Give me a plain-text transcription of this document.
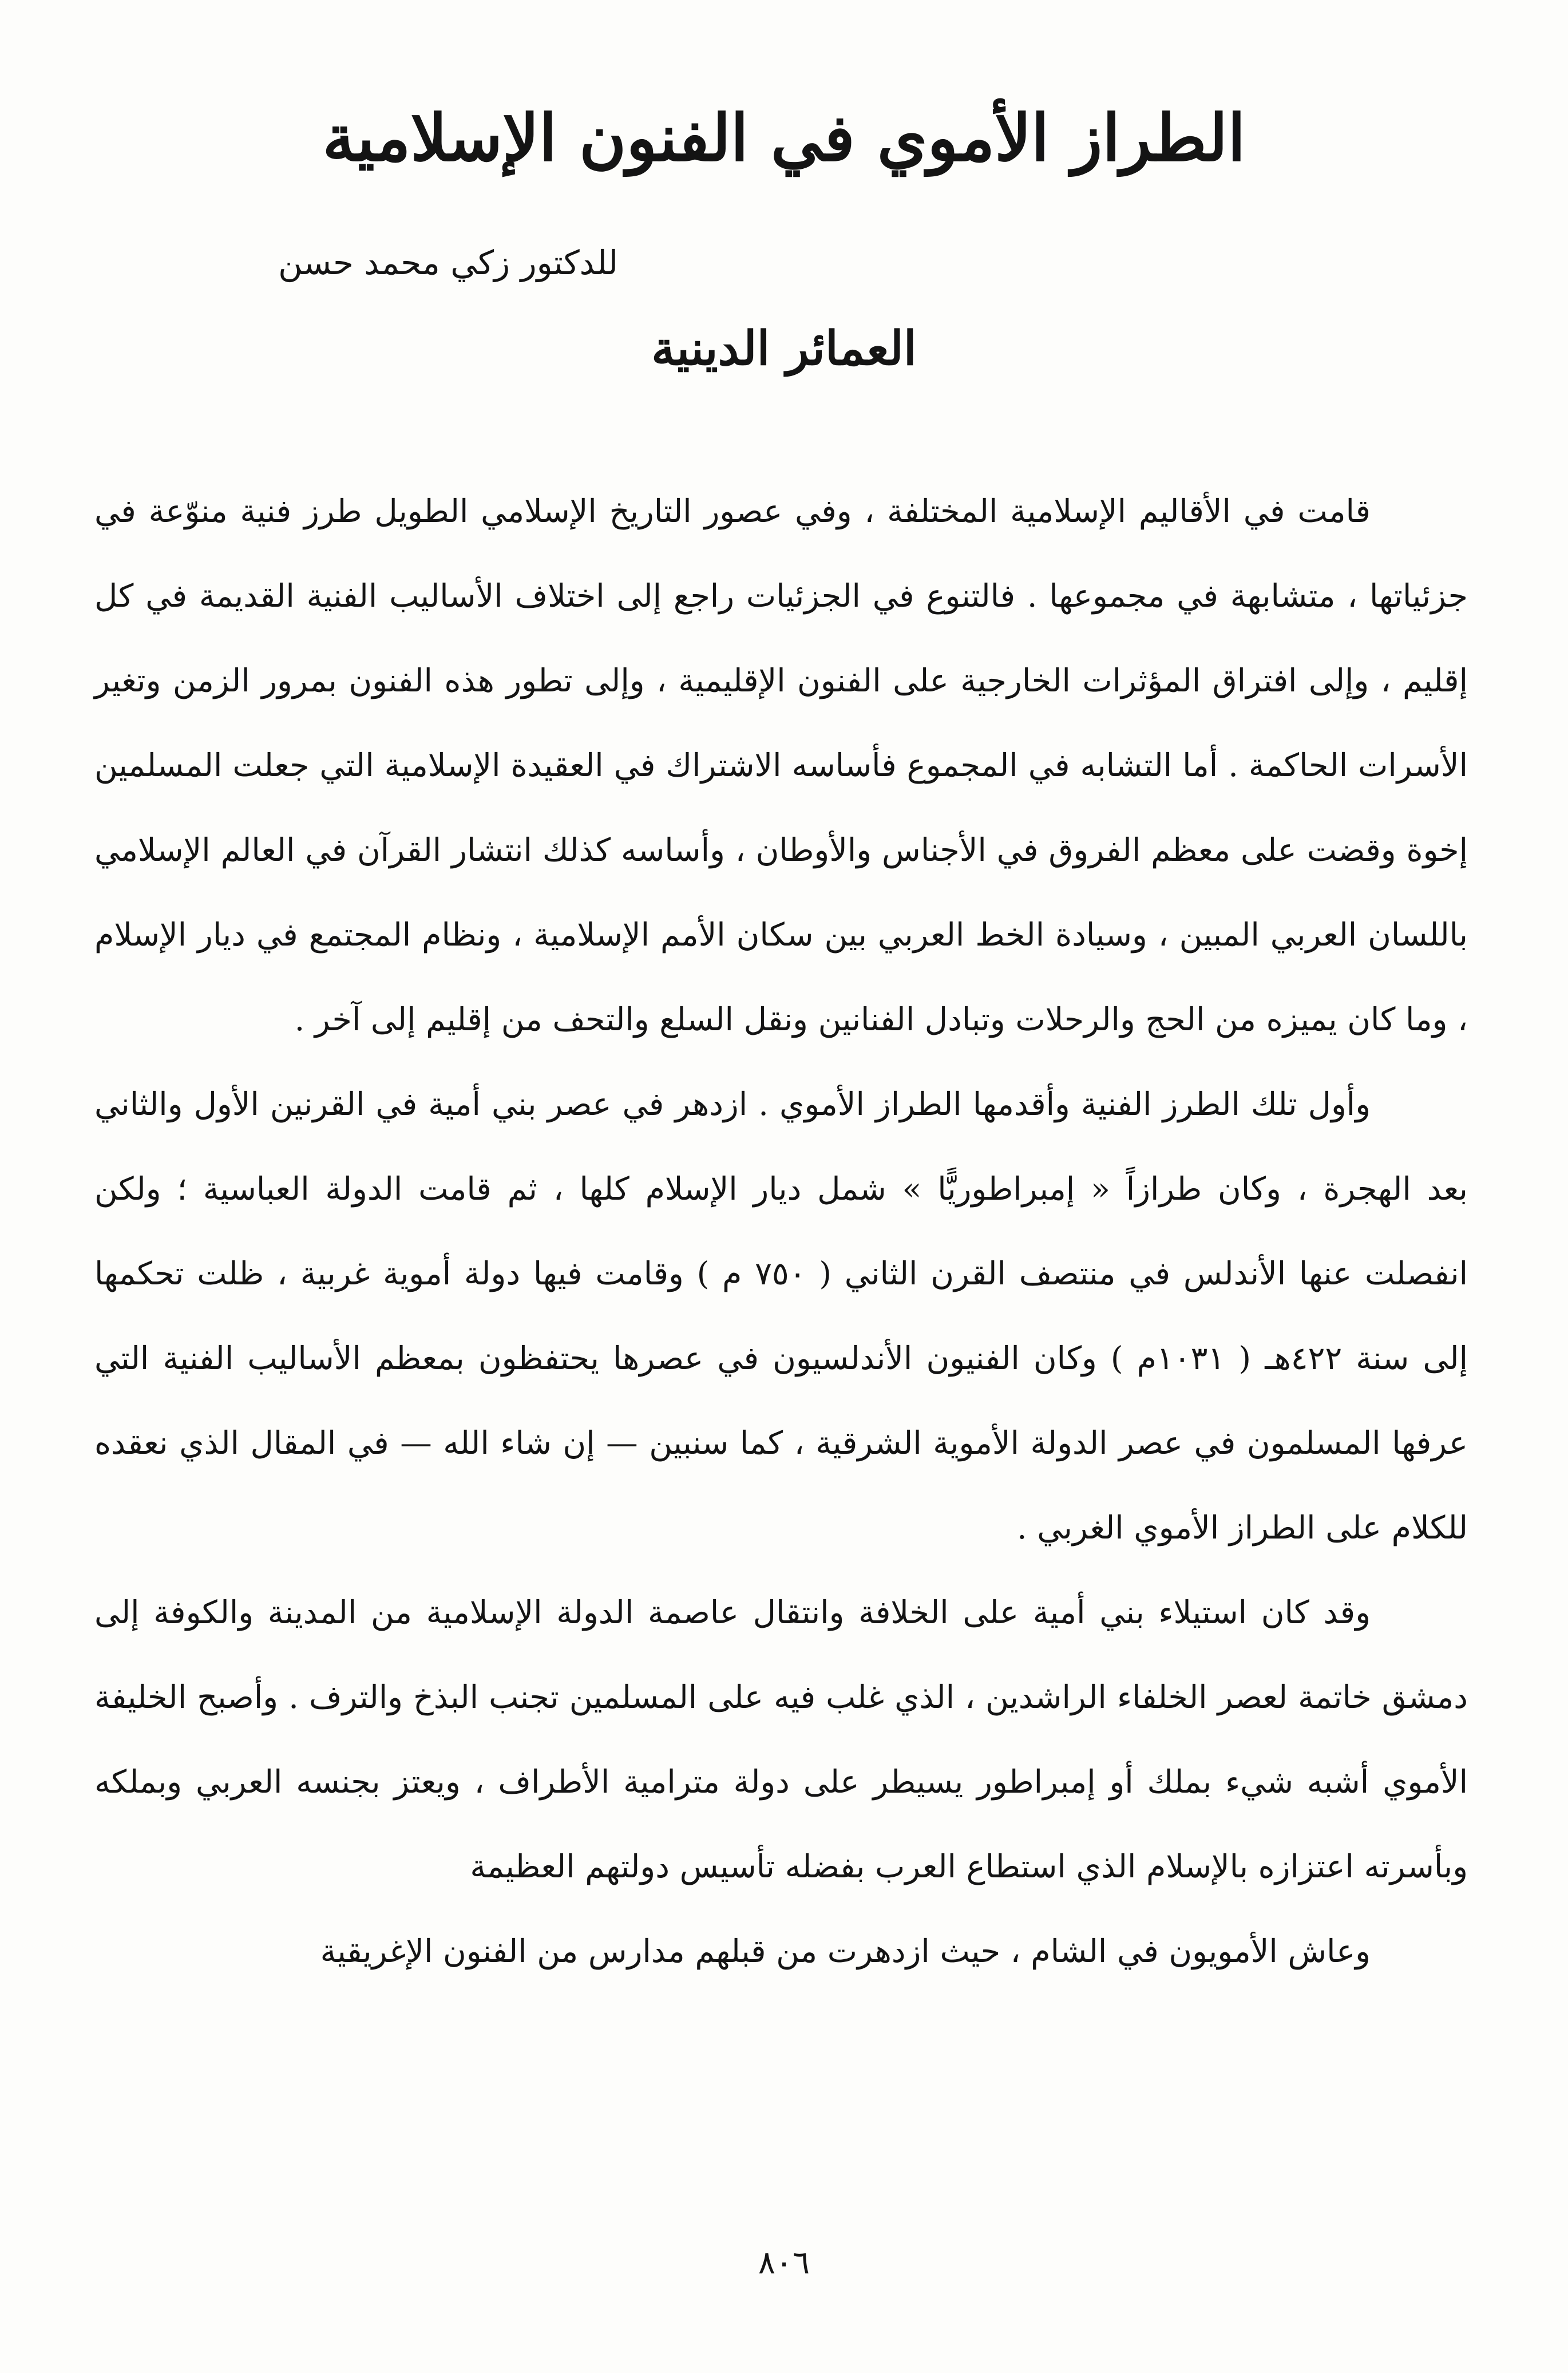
الطراز الأموي في الفنون الإسلامية

للدكتور زكي محمد حسن

العمائر الدينية

قامت في الأقاليم الإسلامية المختلفة ، وفي عصور التاريخ الإسلامي الطويل طرز فنية منوّعة في جزئياتها ، متشابهة في مجموعها . فالتنوع في الجزئيات راجع إلى اختلاف الأساليب الفنية القديمة في كل إقليم ، وإلى افتراق المؤثرات الخارجية على الفنون الإقليمية ، وإلى تطور هذه الفنون بمرور الزمن وتغير الأسرات الحاكمة . أما التشابه في المجموع فأساسه الاشتراك في العقيدة الإسلامية التي جعلت المسلمين إخوة وقضت على معظم الفروق في الأجناس والأوطان ، وأساسه كذلك انتشار القرآن في العالم الإسلامي باللسان العربي المبين ، وسيادة الخط العربي بين سكان الأمم الإسلامية ، ونظام المجتمع في ديار الإسلام ، وما كان يميزه من الحج والرحلات وتبادل الفنانين ونقل السلع والتحف من إقليم إلى آخر .

وأول تلك الطرز الفنية وأقدمها الطراز الأموي . ازدهر في عصر بني أمية في القرنين الأول والثاني بعد الهجرة ، وكان طرازاً « إمبراطوريًّا » شمل ديار الإسلام كلها ، ثم قامت الدولة العباسية ؛ ولكن انفصلت عنها الأندلس في منتصف القرن الثاني ( ٧٥٠ م ) وقامت فيها دولة أموية غربية ، ظلت تحكمها إلى سنة ٤٢٢هـ ( ١٠٣١م ) وكان الفنيون الأندلسيون في عصرها يحتفظون بمعظم الأساليب الفنية التي عرفها المسلمون في عصر الدولة الأموية الشرقية ، كما سنبين — إن شاء الله — في المقال الذي نعقده للكلام على الطراز الأموي الغربي .

وقد كان استيلاء بني أمية على الخلافة وانتقال عاصمة الدولة الإسلامية من المدينة والكوفة إلى دمشق خاتمة لعصر الخلفاء الراشدين ، الذي غلب فيه على المسلمين تجنب البذخ والترف . وأصبح الخليفة الأموي أشبه شيء بملك أو إمبراطور يسيطر على دولة مترامية الأطراف ، ويعتز بجنسه العربي وبملكه وبأسرته اعتزازه بالإسلام الذي استطاع العرب بفضله تأسيس دولتهم العظيمة

وعاش الأمويون في الشام ، حيث ازدهرت من قبلهم مدارس من الفنون الإغريقية

٨٠٦
